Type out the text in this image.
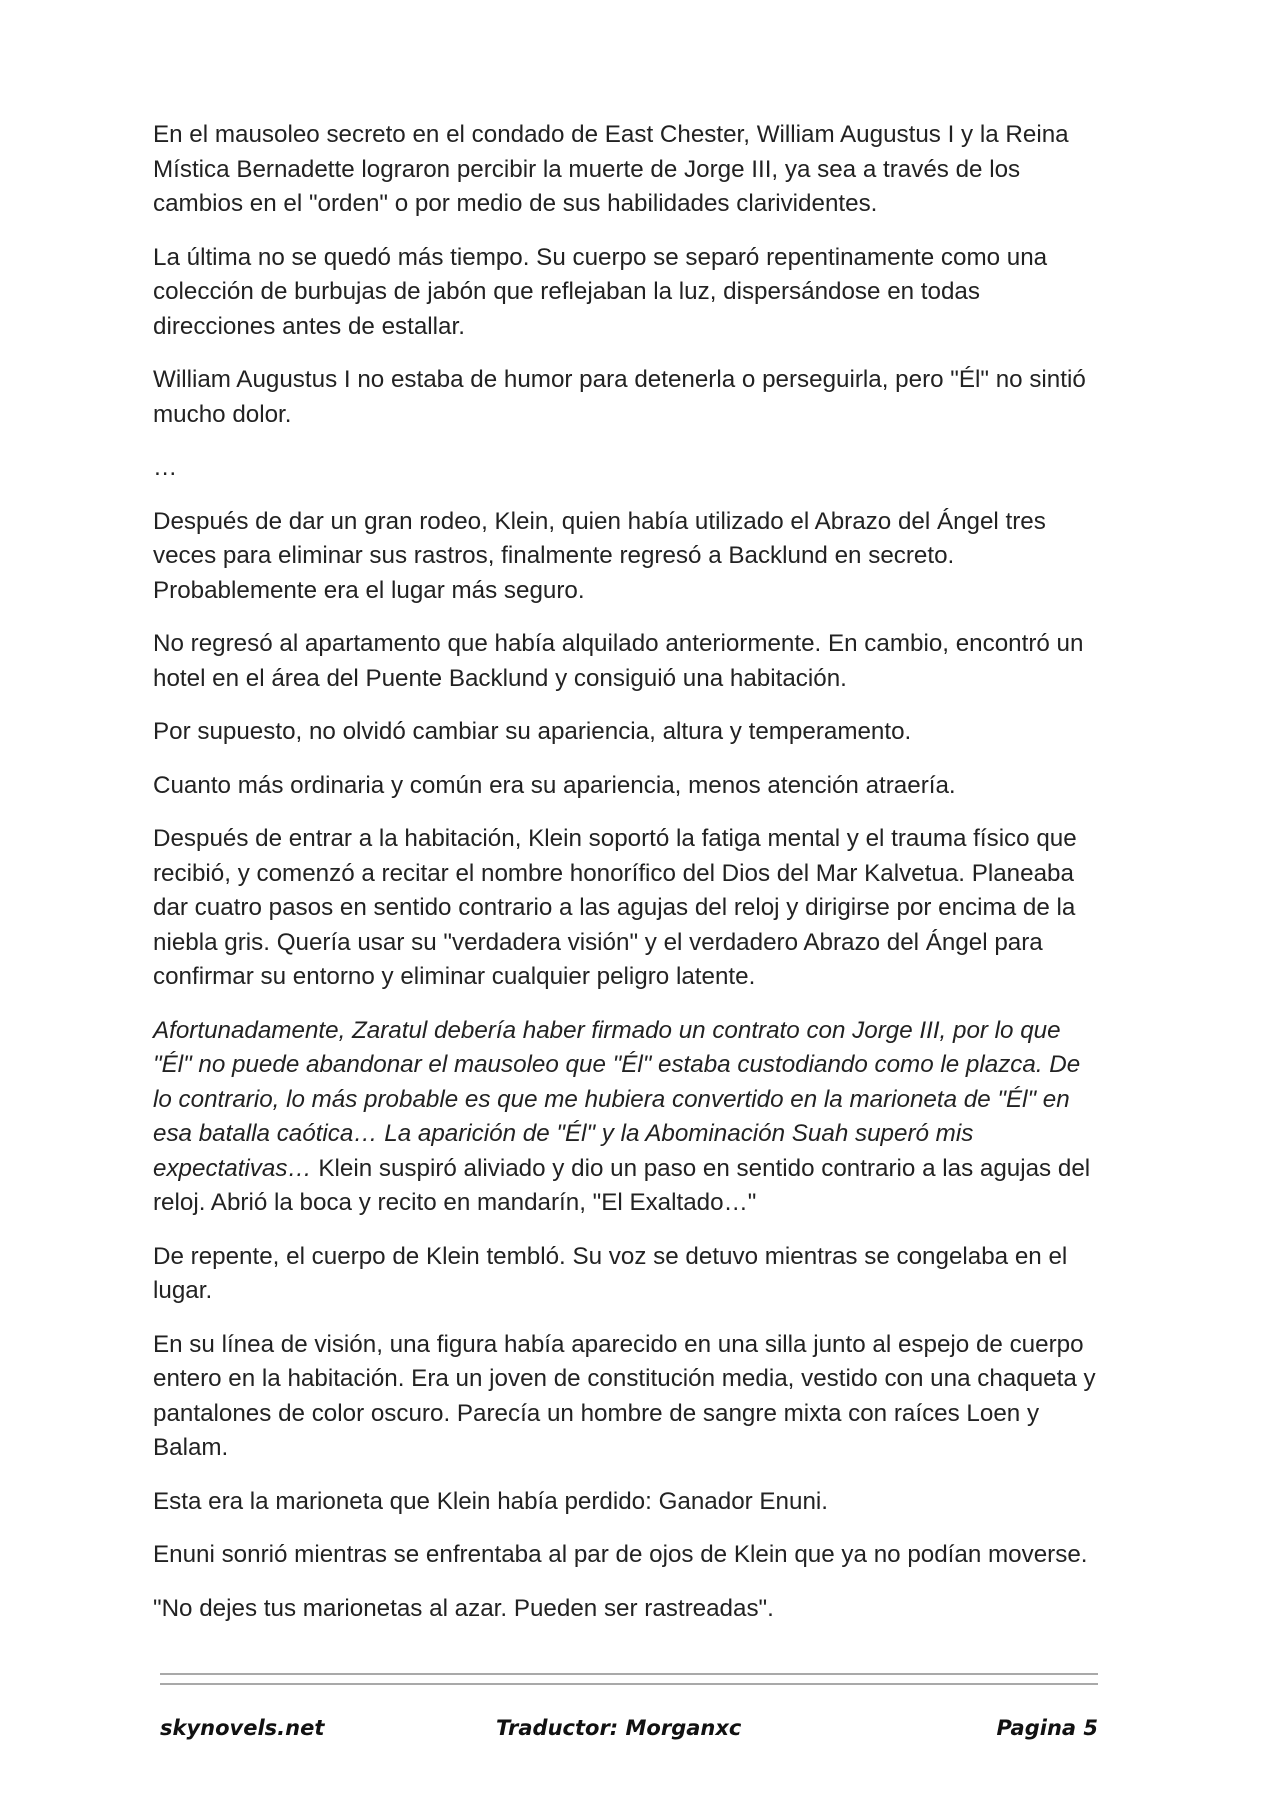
En el mausoleo secreto en el condado de East Chester, William Augustus I y la Reina Mística Bernadette lograron percibir la muerte de Jorge III, ya sea a través de los cambios en el "orden" o por medio de sus habilidades clarividentes.

La última no se quedó más tiempo. Su cuerpo se separó repentinamente como una colección de burbujas de jabón que reflejaban la luz, dispersándose en todas direcciones antes de estallar.

William Augustus I no estaba de humor para detenerla o perseguirla, pero "Él" no sintió mucho dolor.

…

Después de dar un gran rodeo, Klein, quien había utilizado el Abrazo del Ángel tres veces para eliminar sus rastros, finalmente regresó a Backlund en secreto. Probablemente era el lugar más seguro.

No regresó al apartamento que había alquilado anteriormente. En cambio, encontró un hotel en el área del Puente Backlund y consiguió una habitación.

Por supuesto, no olvidó cambiar su apariencia, altura y temperamento.

Cuanto más ordinaria y común era su apariencia, menos atención atraería.

Después de entrar a la habitación, Klein soportó la fatiga mental y el trauma físico que recibió, y comenzó a recitar el nombre honorífico del Dios del Mar Kalvetua. Planeaba dar cuatro pasos en sentido contrario a las agujas del reloj y dirigirse por encima de la niebla gris. Quería usar su "verdadera visión" y el verdadero Abrazo del Ángel para confirmar su entorno y eliminar cualquier peligro latente.

Afortunadamente, Zaratul debería haber firmado un contrato con Jorge III, por lo que "Él" no puede abandonar el mausoleo que "Él" estaba custodiando como le plazca. De lo contrario, lo más probable es que me hubiera convertido en la marioneta de "Él" en esa batalla caótica… La aparición de "Él" y la Abominación Suah superó mis expectativas… Klein suspiró aliviado y dio un paso en sentido contrario a las agujas del reloj. Abrió la boca y recito en mandarín, "El Exaltado…"

De repente, el cuerpo de Klein tembló. Su voz se detuvo mientras se congelaba en el lugar.

En su línea de visión, una figura había aparecido en una silla junto al espejo de cuerpo entero en la habitación. Era un joven de constitución media, vestido con una chaqueta y pantalones de color oscuro. Parecía un hombre de sangre mixta con raíces Loen y Balam.

Esta era la marioneta que Klein había perdido: Ganador Enuni.

Enuni sonrió mientras se enfrentaba al par de ojos de Klein que ya no podían moverse.

"No dejes tus marionetas al azar. Pueden ser rastreadas".

skynovels.net	Traductor: Morganxc	Pagina 5
